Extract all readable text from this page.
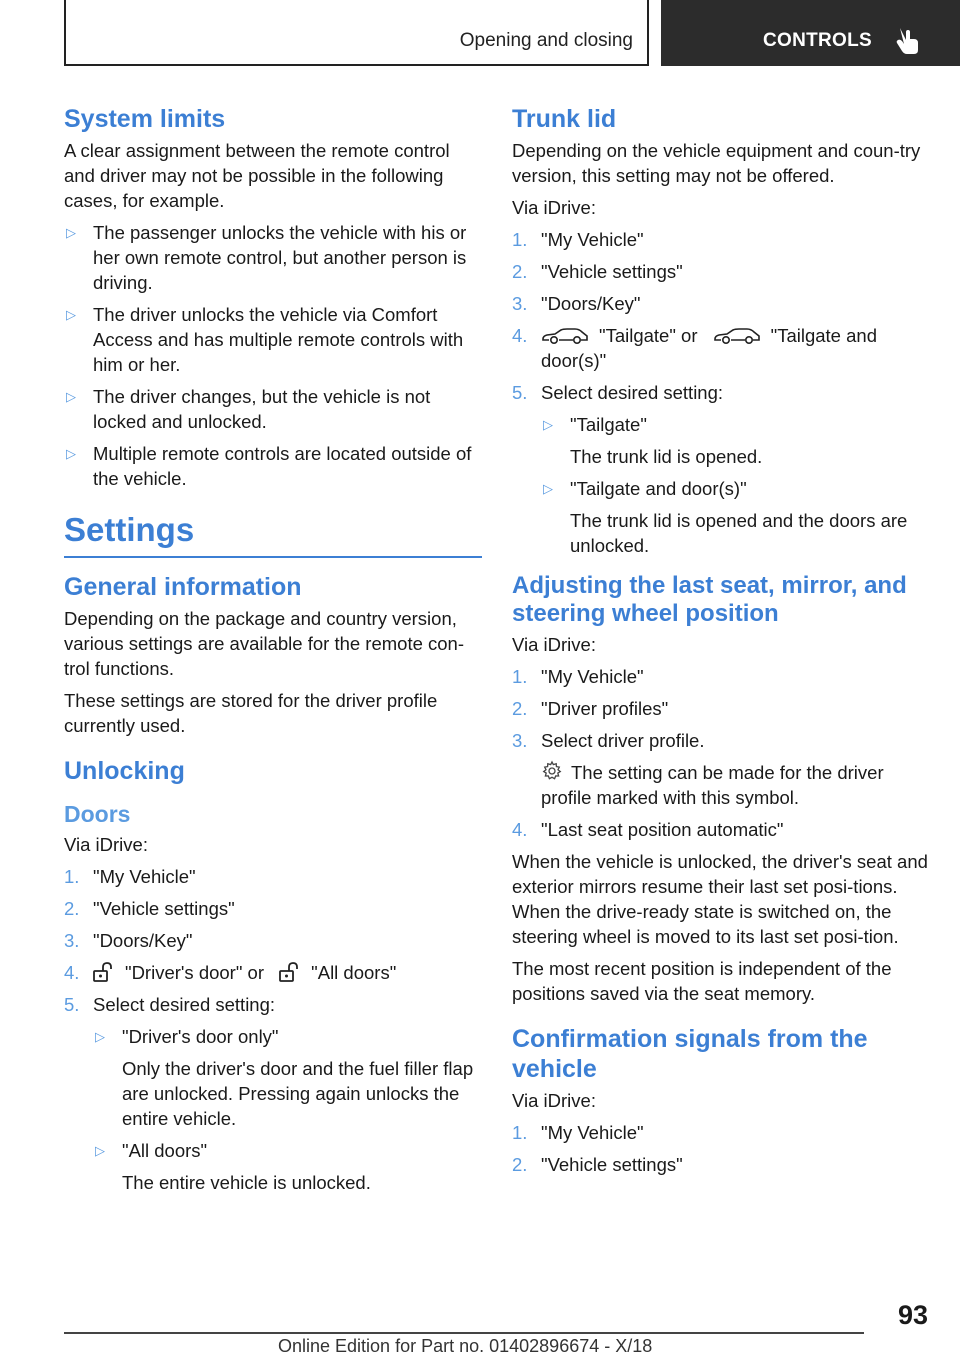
Opening and closing	CONTROLS
System limits

A clear assignment between the remote control and driver may not be possible in the following cases, for example.

▷ The passenger unlocks the vehicle with his or her own remote control, but another person is driving.
▷ The driver unlocks the vehicle via Comfort Access and has multiple remote controls with him or her.
▷ The driver changes, but the vehicle is not locked and unlocked.
▷ Multiple remote controls are located outside of the vehicle.
Settings
General information

Depending on the package and country version, various settings are available for the remote con-trol functions.

These settings are stored for the driver profile currently used.

Unlocking
Doors

Via iDrive:

1. "My Vehicle"
2. "Vehicle settings"
3. "Doors/Key"
4. "Driver's door" or	"All doors"
5. Select desired setting:
▷ "Driver's door only"
Only the driver's door and the fuel filler flap are unlocked. Pressing again unlocks the entire vehicle.
▷ "All doors"
The entire vehicle is unlocked.
Trunk lid

Depending on the vehicle equipment and coun-try version, this setting may not be offered.

Via iDrive:

1. "My Vehicle"
2. "Vehicle settings"
3. "Doors/Key"
4.	"Tailgate" or	"Tailgate and door(s)"
5. Select desired setting:
▷ "Tailgate"
The trunk lid is opened.
▷ "Tailgate and door(s)"
The trunk lid is opened and the doors are unlocked.
Adjusting the last seat, mirror, and steering wheel position

Via iDrive:

1. "My Vehicle"
2. "Driver profiles"
3. Select driver profile.
The setting can be made for the driver profile marked with this symbol.
4. "Last seat position automatic"

When the vehicle is unlocked, the driver's seat and exterior mirrors resume their last set posi-tions. When the drive-ready state is switched on, the steering wheel is moved to its last set posi-tion.

The most recent position is independent of the positions saved via the seat memory.

Confirmation signals from the vehicle

Via iDrive:

1. "My Vehicle"
2. "Vehicle settings"
93
Online Edition for Part no. 01402896674 - X/18
